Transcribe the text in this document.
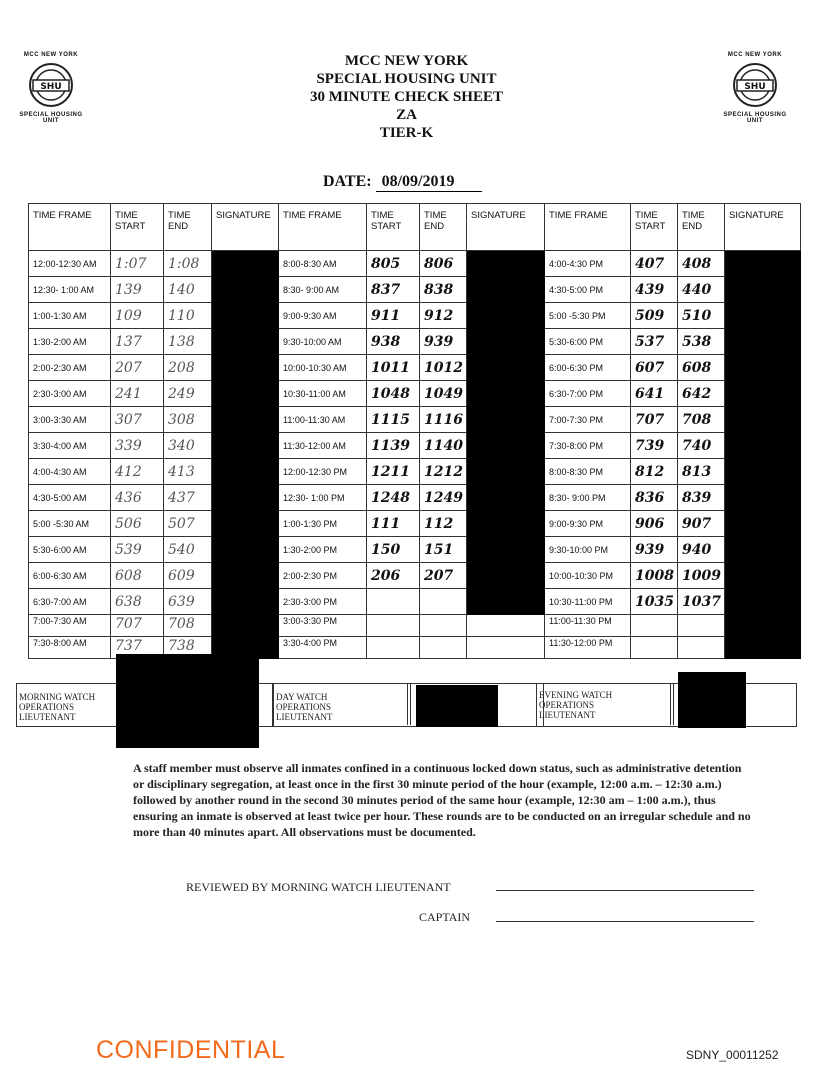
MCC NEW YORK
SHU
SPECIAL HOUSING UNIT
MCC NEW YORK
SHU
SPECIAL HOUSING UNIT
MCC NEW YORK
SPECIAL HOUSING UNIT
30 MINUTE CHECK SHEET
ZA
TIER-K
DATE: 08/09/2019
TIME FRAME	TIME START	TIME END	SIGNATURE	TIME FRAME	TIME START	TIME END	SIGNATURE	TIME FRAME	TIME START	TIME END	SIGNATURE
12:00-12:30 AM	1:07	1:08		8:00-8:30 AM	805	806		4:00-4:30 PM	407	408	
12:30- 1:00 AM	139	140		8:30- 9:00 AM	837	838		4:30-5:00 PM	439	440	
1:00-1:30 AM	109	110		9:00-9:30 AM	911	912		5:00 -5:30 PM	509	510	
1:30-2:00 AM	137	138		9:30-10:00 AM	938	939		5:30-6:00 PM	537	538	
2:00-2:30 AM	207	208		10:00-10:30 AM	1011	1012		6:00-6:30 PM	607	608	
2:30-3:00 AM	241	249		10:30-11:00 AM	1048	1049		6:30-7:00 PM	641	642	
3:00-3:30 AM	307	308		11:00-11:30 AM	1115	1116		7:00-7:30 PM	707	708	
3:30-4:00 AM	339	340		11:30-12:00 AM	1139	1140		7:30-8:00 PM	739	740	
4:00-4:30 AM	412	413		12:00-12:30 PM	1211	1212		8:00-8:30 PM	812	813	
4:30-5:00 AM	436	437		12:30- 1:00 PM	1248	1249		8:30- 9:00 PM	836	839	
5:00 -5:30 AM	506	507		1:00-1:30 PM	111	112		9:00-9:30 PM	906	907	
5:30-6:00 AM	539	540		1:30-2:00 PM	150	151		9:30-10:00 PM	939	940	
6:00-6:30 AM	608	609		2:00-2:30 PM	206	207		10:00-10:30 PM	1008	1009	
6:30-7:00 AM	638	639		2:30-3:00 PM				10:30-11:00 PM	1035	1037	
7:00-7:30 AM	707	708		3:00-3:30 PM				11:00-11:30 PM			
7:30-8:00 AM	737	738		3:30-4:00 PM				11:30-12:00 PM			
MORNING WATCH
OPERATIONS
LIEUTENANT
DAY WATCH
OPERATIONS
LIEUTENANT
EVENING WATCH
OPERATIONS
LIEUTENANT
A staff member must observe all inmates confined in a continuous locked down status, such as administrative detention or disciplinary segregation, at least once in the first 30 minute period of the hour (example, 12:00 a.m. – 12:30 a.m.) followed by another round in the second 30 minutes period of the same hour (example, 12:30 am – 1:00 a.m.), thus ensuring an inmate is observed at least twice per hour. These rounds are to be conducted on an irregular schedule and no more than 40 minutes apart. All observations must be documented.
REVIEWED BY MORNING WATCH LIEUTENANT
CAPTAIN
CONFIDENTIAL	SDNY_00011252
